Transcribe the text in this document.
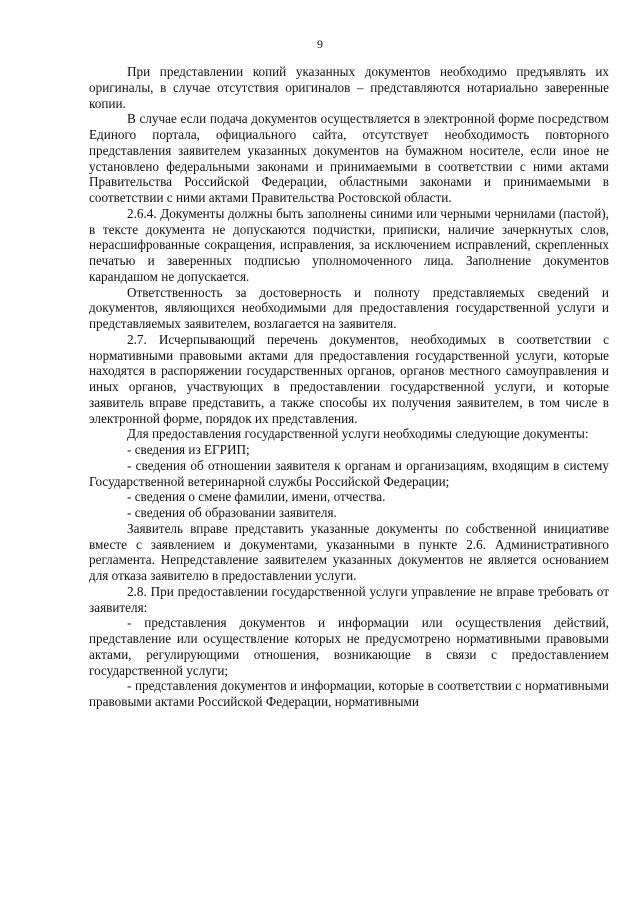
9

При представлении копий указанных документов необходимо предъявлять их оригиналы, в случае отсутствия оригиналов – представляются нотариально заверенные копии.

В случае если подача документов осуществляется в электронной форме посредством Единого портала, официального сайта, отсутствует необходимость повторного представления заявителем указанных документов на бумажном носителе, если иное не установлено федеральными законами и принимаемыми в соответствии с ними актами Правительства Российской Федерации, областными законами и принимаемыми в соответствии с ними актами Правительства Ростовской области.

2.6.4. Документы должны быть заполнены синими или черными чернилами (пастой), в тексте документа не допускаются подчистки, приписки, наличие зачеркнутых слов, нерасшифрованные сокращения, исправления, за исключением исправлений, скрепленных печатью и заверенных подписью уполномоченного лица. Заполнение документов карандашом не допускается.

Ответственность за достоверность и полноту представляемых сведений и документов, являющихся необходимыми для предоставления государственной услуги и представляемых заявителем, возлагается на заявителя.

2.7. Исчерпывающий перечень документов, необходимых в соответствии с нормативными правовыми актами для предоставления государственной услуги, которые находятся в распоряжении государственных органов, органов местного самоуправления и иных органов, участвующих в предоставлении государственной услуги, и которые заявитель вправе представить, а также способы их получения заявителем, в том числе в электронной форме, порядок их представления.

Для предоставления государственной услуги необходимы следующие документы:

- сведения из ЕГРИП;

- сведения об отношении заявителя к органам и организациям, входящим в систему Государственной ветеринарной службы Российской Федерации;

- сведения о смене фамилии, имени, отчества.

- сведения об образовании заявителя.

Заявитель вправе представить указанные документы по собственной инициативе вместе с заявлением и документами, указанными в пункте 2.6. Административного регламента. Непредставление заявителем указанных документов не является основанием для отказа заявителю в предоставлении услуги.

2.8. При предоставлении государственной услуги управление не вправе требовать от заявителя:

- представления документов и информации или осуществления действий, представление или осуществление которых не предусмотрено нормативными правовыми актами, регулирующими отношения, возникающие в связи с предоставлением государственной услуги;

- представления документов и информации, которые в соответствии с нормативными правовыми актами Российской Федерации, нормативными
